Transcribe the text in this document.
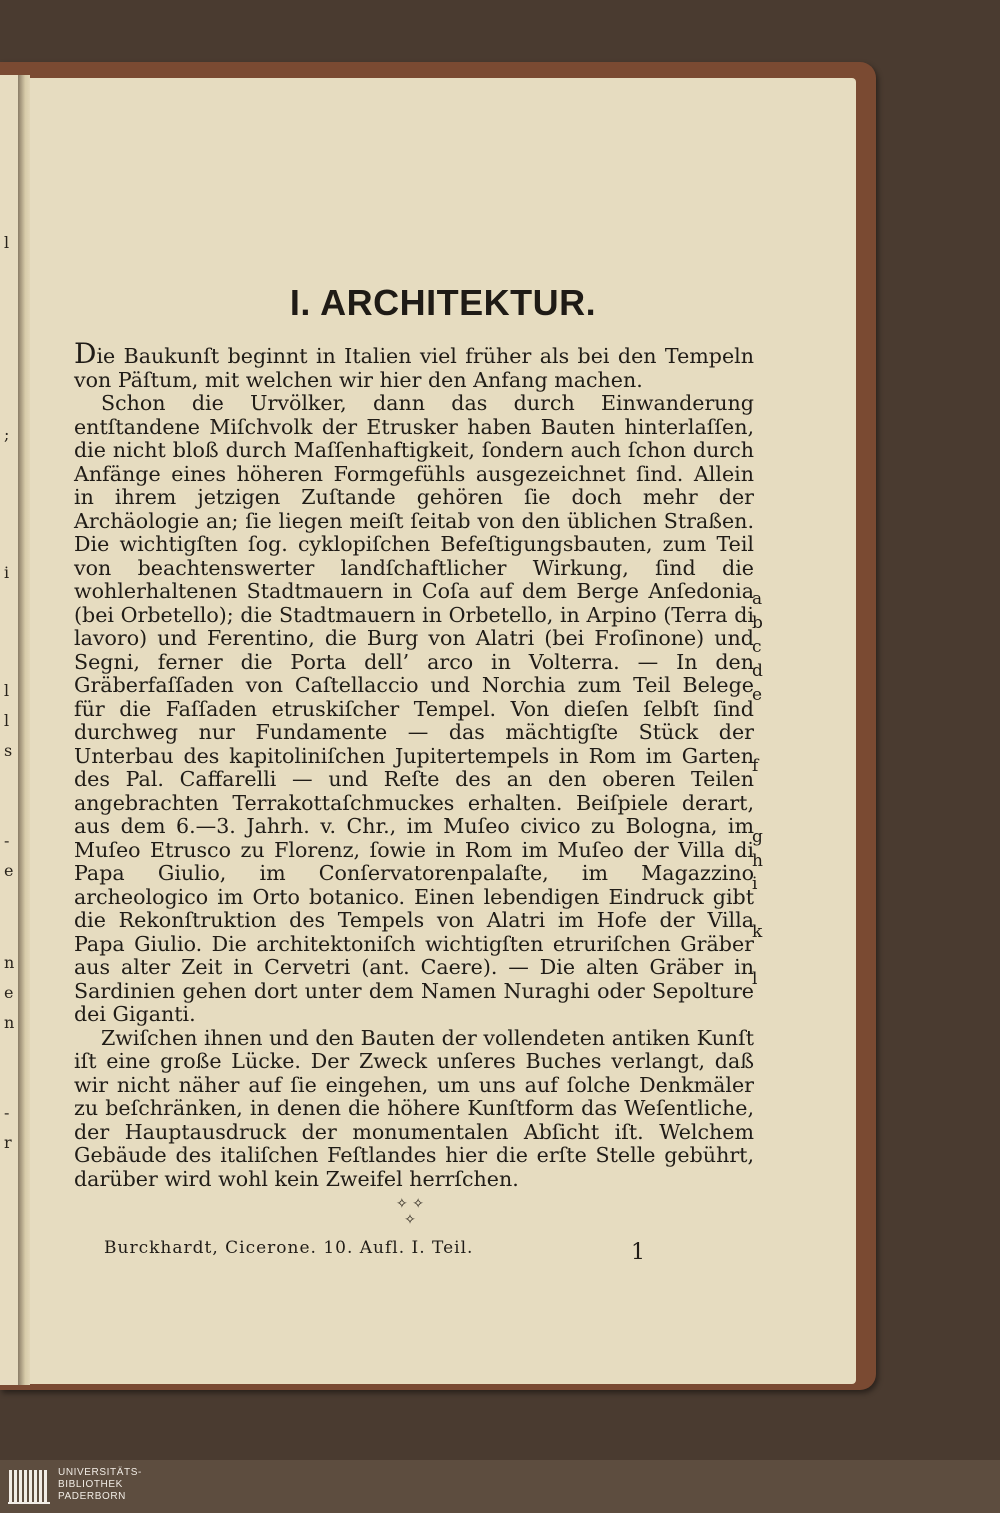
l
;
i
l
l
s
-
e
n
e
n
-
r
I. ARCHITEKTUR.

Die Baukunſt beginnt in Italien viel früher als bei den Tempeln von Päſtum, mit welchen wir hier den Anfang machen.

Schon die Urvölker, dann das durch Einwanderung entſtandene Miſchvolk der Etrusker haben Bauten hinterlaſſen, die nicht bloß durch Maſſenhaftigkeit, ſondern auch ſchon durch Anfänge eines höheren Formgefühls ausgezeichnet ſind. Allein in ihrem jetzigen Zuſtande gehören ſie doch mehr der Archäologie an; ſie liegen meiſt ſeitab von den üblichen Straßen. Die wichtigſten ſog. cyklopiſchen Befeſtigungsbauten, zum Teil von beachtenswerter landſchaftlicher Wirkung, ſind die wohlerhaltenen Stadtmauern in Coſa auf dem Berge Anſedonia (bei Orbetello); die Stadtmauern in Orbetello, in Arpino (Terra di lavoro) und Ferentino, die Burg von Alatri (bei Froſinone) und Segni, ferner die Porta dell’ arco in Volterra. — In den Gräberfaſſaden von Caſtellaccio und Norchia zum Teil Belege für die Faſſaden etruskiſcher Tempel. Von dieſen ſelbſt ſind durchweg nur Fundamente — das mächtigſte Stück der Unterbau des kapitoliniſchen Jupitertempels in Rom im Garten des Pal. Caffarelli — und Reſte des an den oberen Teilen angebrachten Terrakottaſchmuckes erhalten. Beiſpiele derart, aus dem 6.—3. Jahrh. v. Chr., im Muſeo civico zu Bologna, im Muſeo Etrusco zu Florenz, ſowie in Rom im Muſeo der Villa di Papa Giulio, im Conſervatorenpalaſte, im Magazzino archeologico im Orto botanico. Einen lebendigen Eindruck gibt die Rekonſtruktion des Tempels von Alatri im Hofe der Villa Papa Giulio. Die architektoniſch wichtigſten etruriſchen Gräber aus alter Zeit in Cervetri (ant. Caere). — Die alten Gräber in Sardinien gehen dort unter dem Namen Nuraghi oder Sepolture dei Giganti.

Zwiſchen ihnen und den Bauten der vollendeten antiken Kunſt iſt eine große Lücke. Der Zweck unſeres Buches verlangt, daß wir nicht näher auf ſie eingehen, um uns auf ſolche Denkmäler zu beſchränken, in denen die höhere Kunſtform das Weſentliche, der Hauptausdruck der monumentalen Abſicht iſt. Welchem Gebäude des italiſchen Feſtlandes hier die erſte Stelle gebührt, darüber wird wohl kein Zweifel herrſchen.

a
b
c
d
e
f
g
h
i
k
l
✧ ✧
✧
Burckhardt, Cicerone. 10. Aufl. I. Teil.	1
UNIVERSITÄTS-
BIBLIOTHEK
PADERBORN
